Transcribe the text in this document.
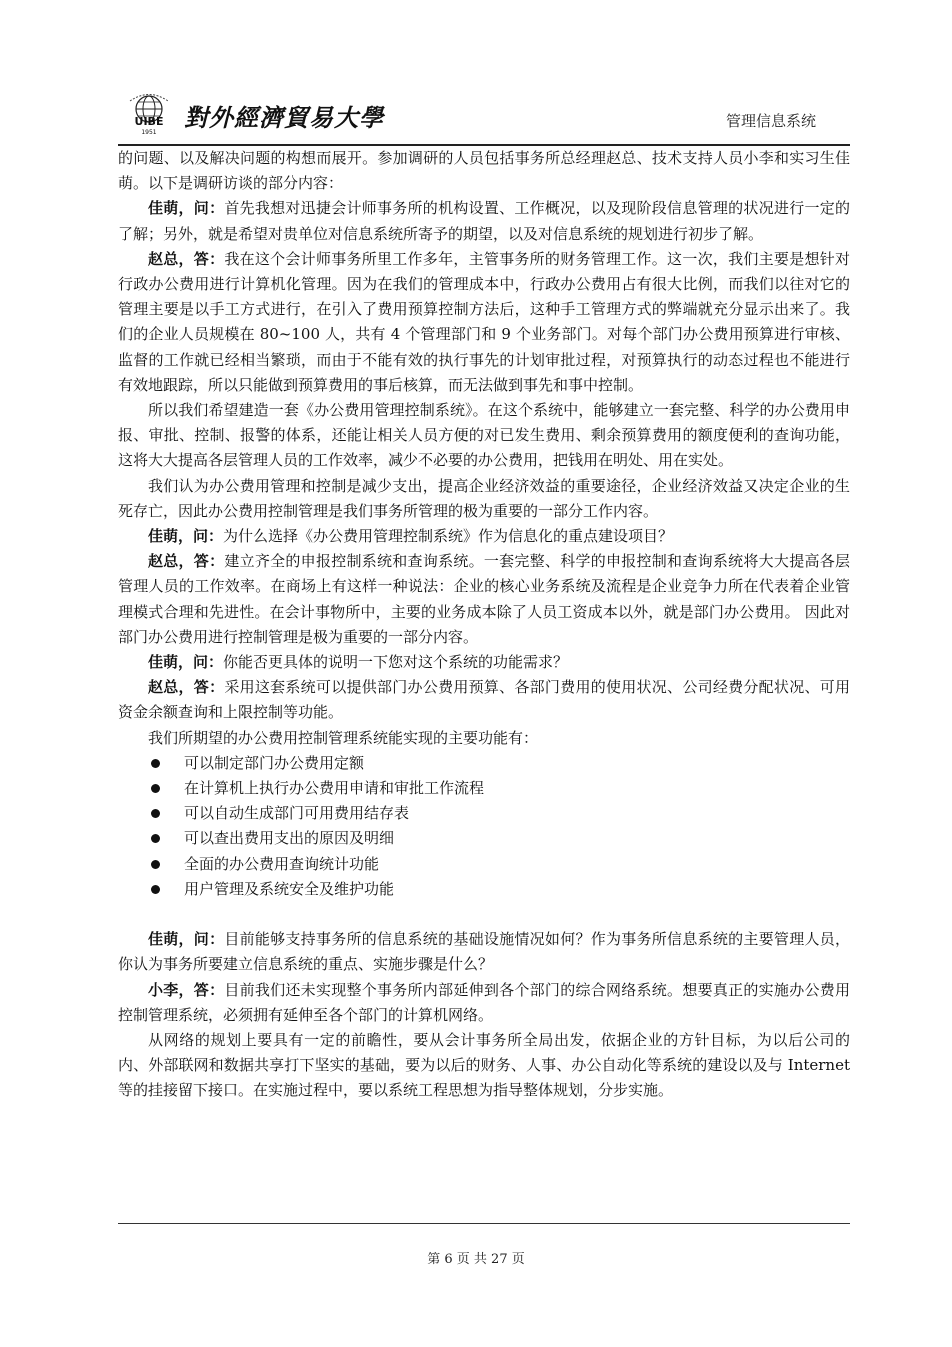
UIBE
1951
對外經濟貿易大學	管理信息系统

的问题、以及解决问题的构想而展开。参加调研的人员包括事务所总经理赵总、技术支持人员小李和实习生佳萌。以下是调研访谈的部分内容：

佳萌，问：首先我想对迅捷会计师事务所的机构设置、工作概况，以及现阶段信息管理的状况进行一定的了解；另外，就是希望对贵单位对信息系统所寄予的期望，以及对信息系统的规划进行初步了解。

赵总，答：我在这个会计师事务所里工作多年，主管事务所的财务管理工作。这一次，我们主要是想针对行政办公费用进行计算机化管理。因为在我们的管理成本中，行政办公费用占有很大比例，而我们以往对它的管理主要是以手工方式进行，在引入了费用预算控制方法后，这种手工管理方式的弊端就充分显示出来了。我们的企业人员规模在 80~100 人，共有 4 个管理部门和 9 个业务部门。对每个部门办公费用预算进行审核、监督的工作就已经相当繁琐，而由于不能有效的执行事先的计划审批过程，对预算执行的动态过程也不能进行有效地跟踪，所以只能做到预算费用的事后核算，而无法做到事先和事中控制。

所以我们希望建造一套《办公费用管理控制系统》。在这个系统中，能够建立一套完整、科学的办公费用申报、审批、控制、报警的体系，还能让相关人员方便的对已发生费用、剩余预算费用的额度便利的查询功能，这将大大提高各层管理人员的工作效率，减少不必要的办公费用，把钱用在明处、用在实处。

我们认为办公费用管理和控制是减少支出，提高企业经济效益的重要途径，企业经济效益又决定企业的生死存亡，因此办公费用控制管理是我们事务所管理的极为重要的一部分工作内容。

佳萌，问：为什么选择《办公费用管理控制系统》作为信息化的重点建设项目？

赵总，答：建立齐全的申报控制系统和查询系统。一套完整、科学的申报控制和查询系统将大大提高各层管理人员的工作效率。在商场上有这样一种说法：企业的核心业务系统及流程是企业竞争力所在代表着企业管理模式合理和先进性。在会计事物所中，主要的业务成本除了人员工资成本以外，就是部门办公费用。 因此对部门办公费用进行控制管理是极为重要的一部分内容。

佳萌，问：你能否更具体的说明一下您对这个系统的功能需求？

赵总，答：采用这套系统可以提供部门办公费用预算、各部门费用的使用状况、公司经费分配状况、可用资金余额查询和上限控制等功能。

我们所期望的办公费用控制管理系统能实现的主要功能有：

可以制定部门办公费用定额
在计算机上执行办公费用申请和审批工作流程
可以自动生成部门可用费用结存表
可以查出费用支出的原因及明细
全面的办公费用查询统计功能
用户管理及系统安全及维护功能

佳萌，问：目前能够支持事务所的信息系统的基础设施情况如何？作为事务所信息系统的主要管理人员，你认为事务所要建立信息系统的重点、实施步骤是什么？

小李，答：目前我们还未实现整个事务所内部延伸到各个部门的综合网络系统。想要真正的实施办公费用控制管理系统，必须拥有延伸至各个部门的计算机网络。

从网络的规划上要具有一定的前瞻性，要从会计事务所全局出发，依据企业的方针目标，为以后公司的内、外部联网和数据共享打下坚实的基础，要为以后的财务、人事、办公自动化等系统的建设以及与 Internet 等的挂接留下接口。在实施过程中，要以系统工程思想为指导整体规划，分步实施。

第 6 页 共 27 页
